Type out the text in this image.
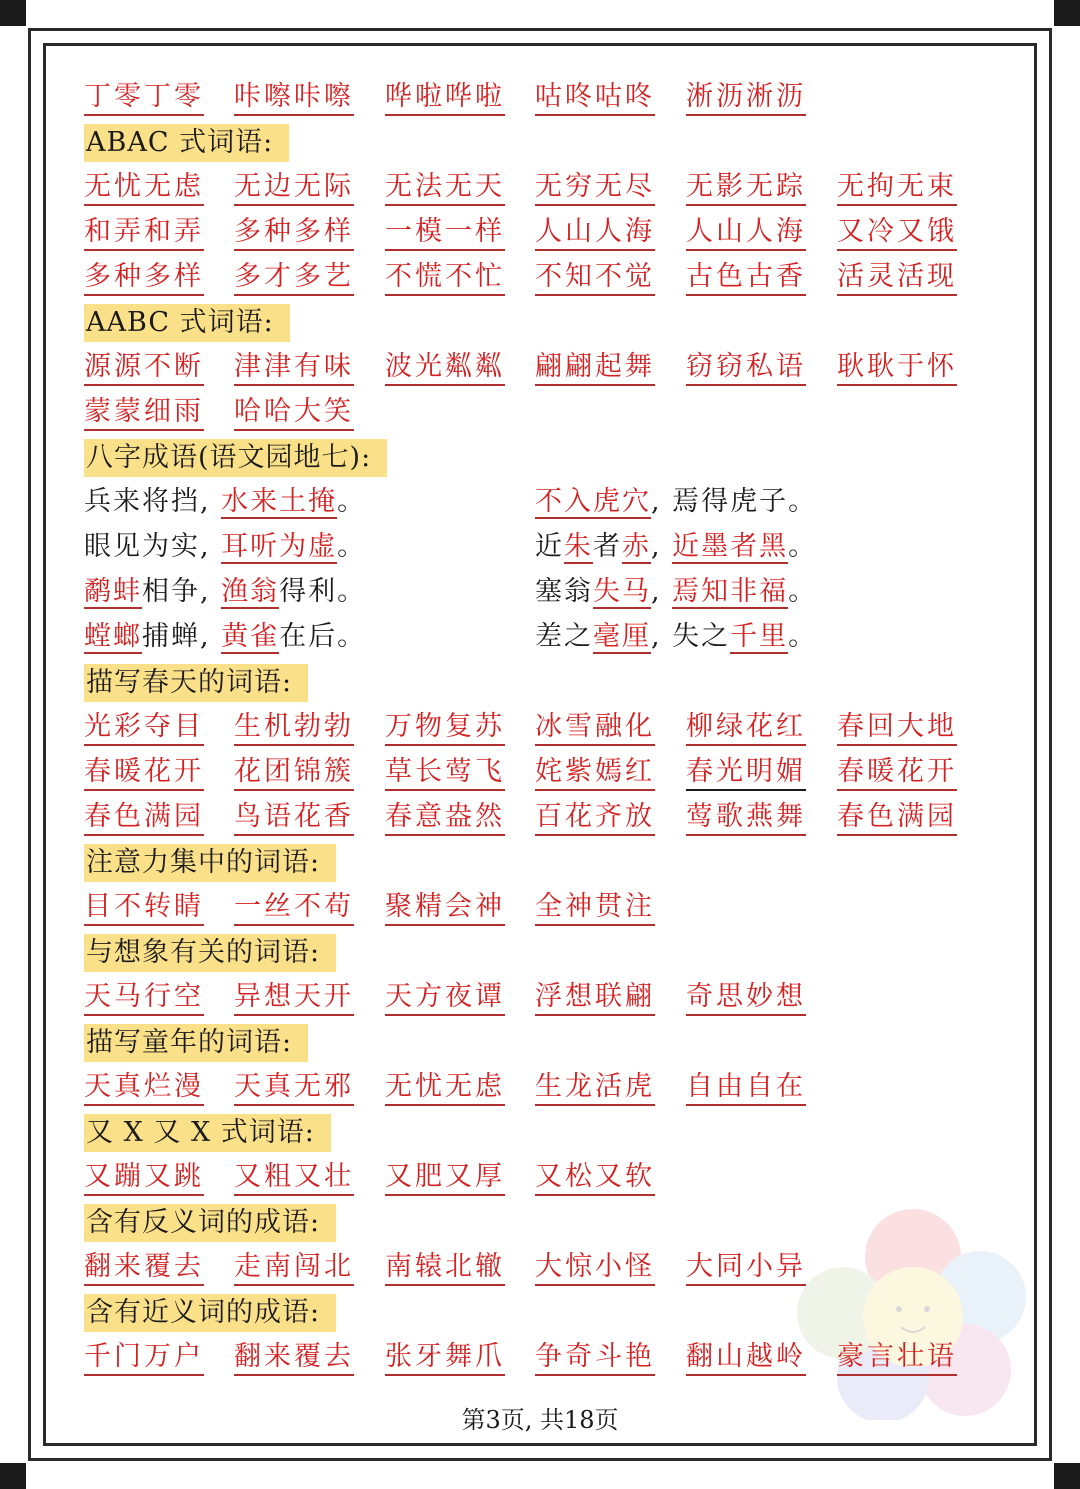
丁零丁零 咔嚓咔嚓 哗啦哗啦 咕咚咕咚 淅沥淅沥
ABAC 式词语:
无忧无虑 无边无际 无法无天 无穷无尽 无影无踪 无拘无束
和弄和弄 多种多样 一模一样 人山人海 人山人海 又冷又饿
多种多样 多才多艺 不慌不忙 不知不觉 古色古香 活灵活现
AABC 式词语:
源源不断 津津有味 波光粼粼 翩翩起舞 窃窃私语 耿耿于怀
蒙蒙细雨 哈哈大笑
八字成语(语文园地七):
兵来将挡, 水来土掩。	不入虎穴, 焉得虎子。
眼见为实, 耳听为虚。	近朱者赤, 近墨者黑。
鹬蚌相争, 渔翁得利。	塞翁失马, 焉知非福。
螳螂捕蝉, 黄雀在后。	差之毫厘, 失之千里。
描写春天的词语:
光彩夺目 生机勃勃 万物复苏 冰雪融化 柳绿花红 春回大地
春暖花开 花团锦簇 草长莺飞 姹紫嫣红 春光明媚 春暖花开
春色满园 鸟语花香 春意盎然 百花齐放 莺歌燕舞 春色满园
注意力集中的词语:
目不转睛 一丝不苟 聚精会神 全神贯注
与想象有关的词语:
天马行空 异想天开 天方夜谭 浮想联翩 奇思妙想
描写童年的词语:
天真烂漫 天真无邪 无忧无虑 生龙活虎 自由自在
又 X 又 X 式词语:
又蹦又跳 又粗又壮 又肥又厚 又松又软
含有反义词的成语:
翻来覆去 走南闯北 南辕北辙 大惊小怪 大同小异
含有近义词的成语:
千门万户 翻来覆去 张牙舞爪 争奇斗艳 翻山越岭 豪言壮语
第3页, 共18页
